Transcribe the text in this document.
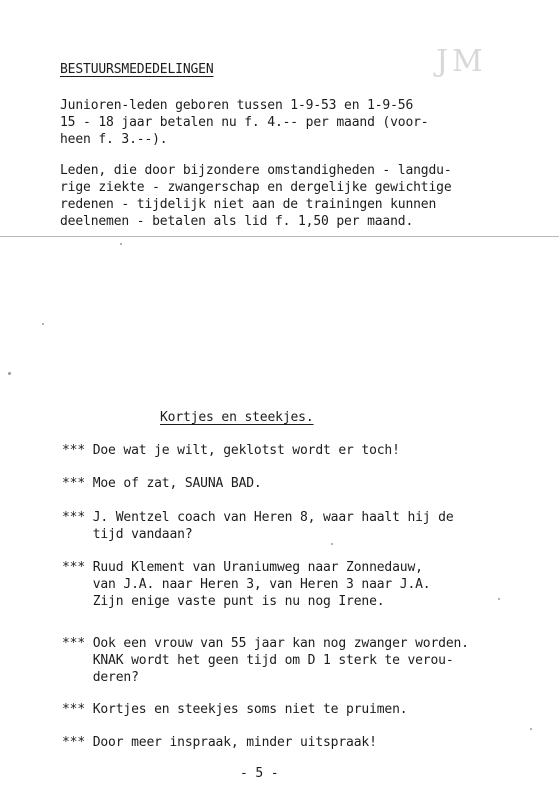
JM
BESTUURSMEDEDELINGEN
Junioren-leden geboren tussen 1-9-53 en 1-9-56
15 - 18 jaar betalen nu f. 4.-- per maand (voor-
heen f. 3.--).
Leden, die door bijzondere omstandigheden - langdu-
rige ziekte - zwangerschap en dergelijke gewichtige
redenen - tijdelijk niet aan de trainingen kunnen
deelnemen - betalen als lid f. 1,50 per maand.
Kortjes en steekjes.
*** Doe wat je wilt, geklotst wordt er toch!
*** Moe of zat, SAUNA BAD.
*** J. Wentzel coach van Heren 8, waar haalt hij de
tijd vandaan?
*** Ruud Klement van Uraniumweg naar Zonnedauw,
van J.A. naar Heren 3, van Heren 3 naar J.A.
Zijn enige vaste punt is nu nog Irene.
*** Ook een vrouw van 55 jaar kan nog zwanger worden.
KNAK wordt het geen tijd om D 1 sterk te verou-
deren?
*** Kortjes en steekjes soms niet te pruimen.
*** Door meer inspraak, minder uitspraak!
- 5 -
